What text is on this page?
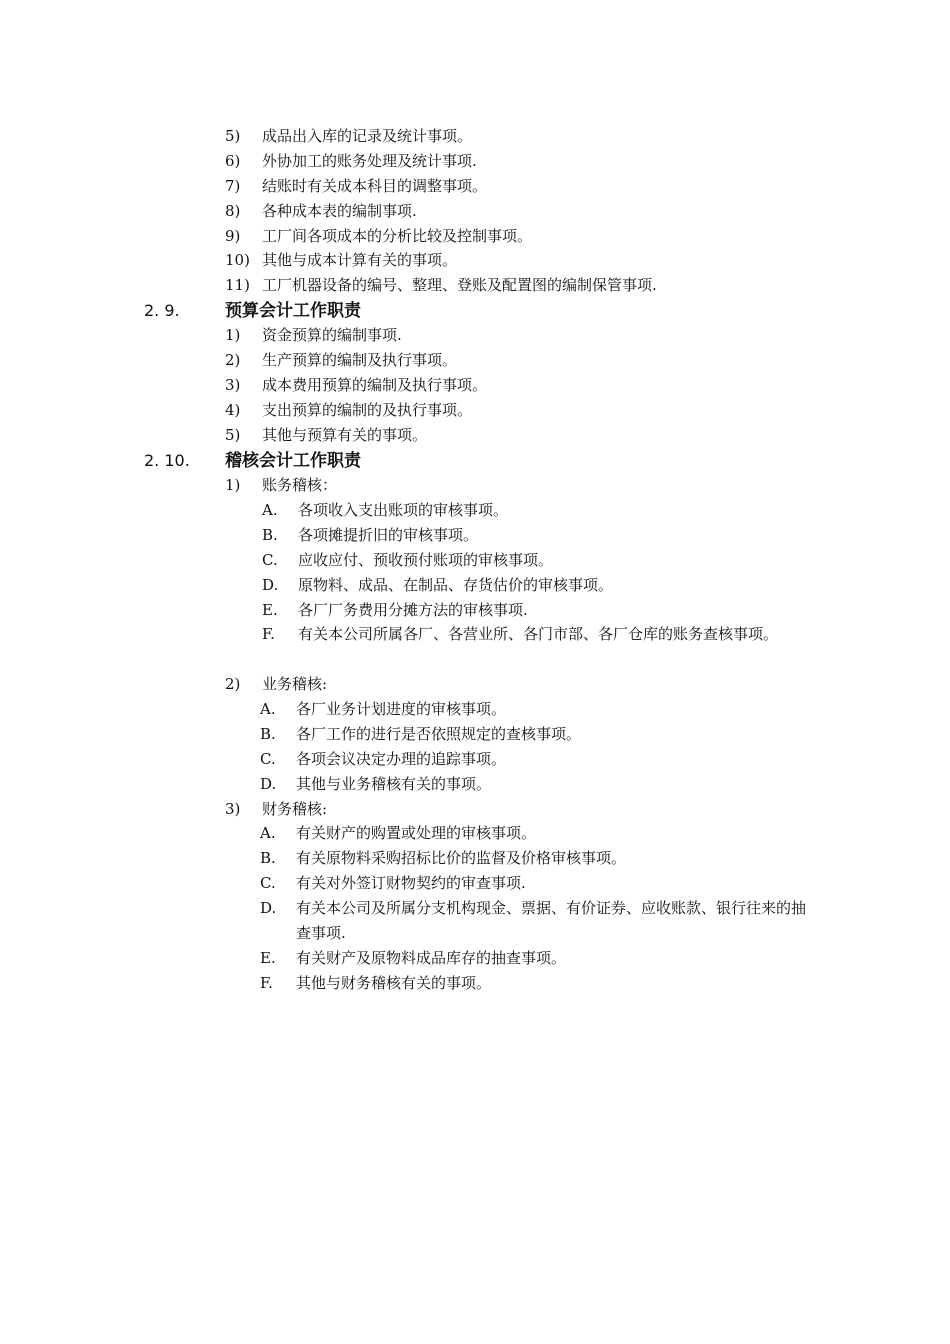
5) 成品出入库的记录及统计事项。
6) 外协加工的账务处理及统计事项.
7) 结账时有关成本科目的调整事项。
8) 各种成本表的编制事项.
9) 工厂间各项成本的分析比较及控制事项。
10) 其他与成本计算有关的事项。
11) 工厂机器设备的编号、整理、登账及配置图的编制保管事项.
2. 9.	预算会计工作职责
1) 资金预算的编制事项.
2) 生产预算的编制及执行事项。
3) 成本费用预算的编制及执行事项。
4) 支出预算的编制的及执行事项。
5) 其他与预算有关的事项。
2. 10. 稽核会计工作职责
1) 账务稽核：
A. 各项收入支出账项的审核事项。
B. 各项摊提折旧的审核事项。
C. 应收应付、预收预付账项的审核事项。
D. 原物料、成品、在制品、存货估价的审核事项。
E. 各厂厂务费用分摊方法的审核事项.
F. 有关本公司所属各厂、各营业所、各门市部、各厂仓库的账务查核事项。
2) 业务稽核:
A. 各厂业务计划进度的审核事项。
B. 各厂工作的进行是否依照规定的查核事项。
C. 各项会议决定办理的追踪事项。
D. 其他与业务稽核有关的事项。
3) 财务稽核:
A. 有关财产的购置或处理的审核事项。
B. 有关原物料采购招标比价的监督及价格审核事项。
C. 有关对外签订财物契约的审查事项.
D. 有关本公司及所属分支机构现金、票据、有价证券、应收账款、银行往来的抽查事项.
E. 有关财产及原物料成品库存的抽查事项。
F. 其他与财务稽核有关的事项。
